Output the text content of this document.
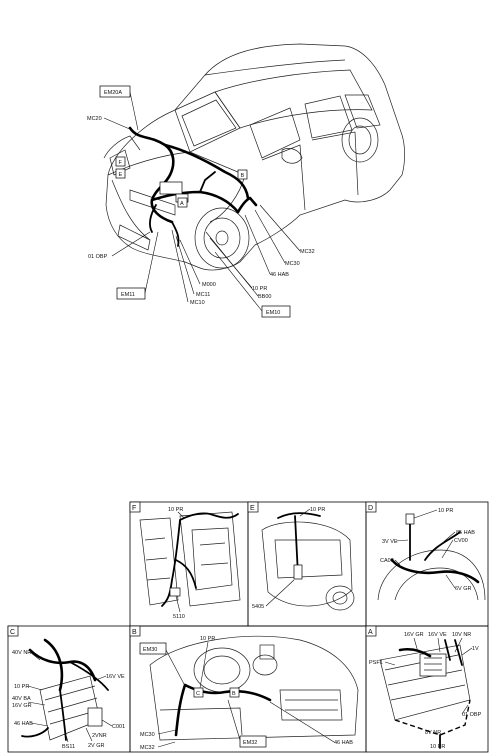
EM20A
MC20
F
E	B
A
01 OBP
EM11
M000
MC11
MC10
10 PR
BB00
46 HAB
MC30
MC32
EM10
F	10 PR
5110
E	10 PR
5405
D	10 PR
85 HAB
3V VE	CV00
CA00
6V GR
C
40V NR
10 PR
40V BA
16V GR
46 HAB
BS11 2V GR
2VNR
16V VE
C001
B
EM30
10 PR
C	B
MC30
MC32
EM32	46 HAB
A	16V GR 16V VE 10V NR
PSF1
1V
8V NR
01 OBP
10 PR
